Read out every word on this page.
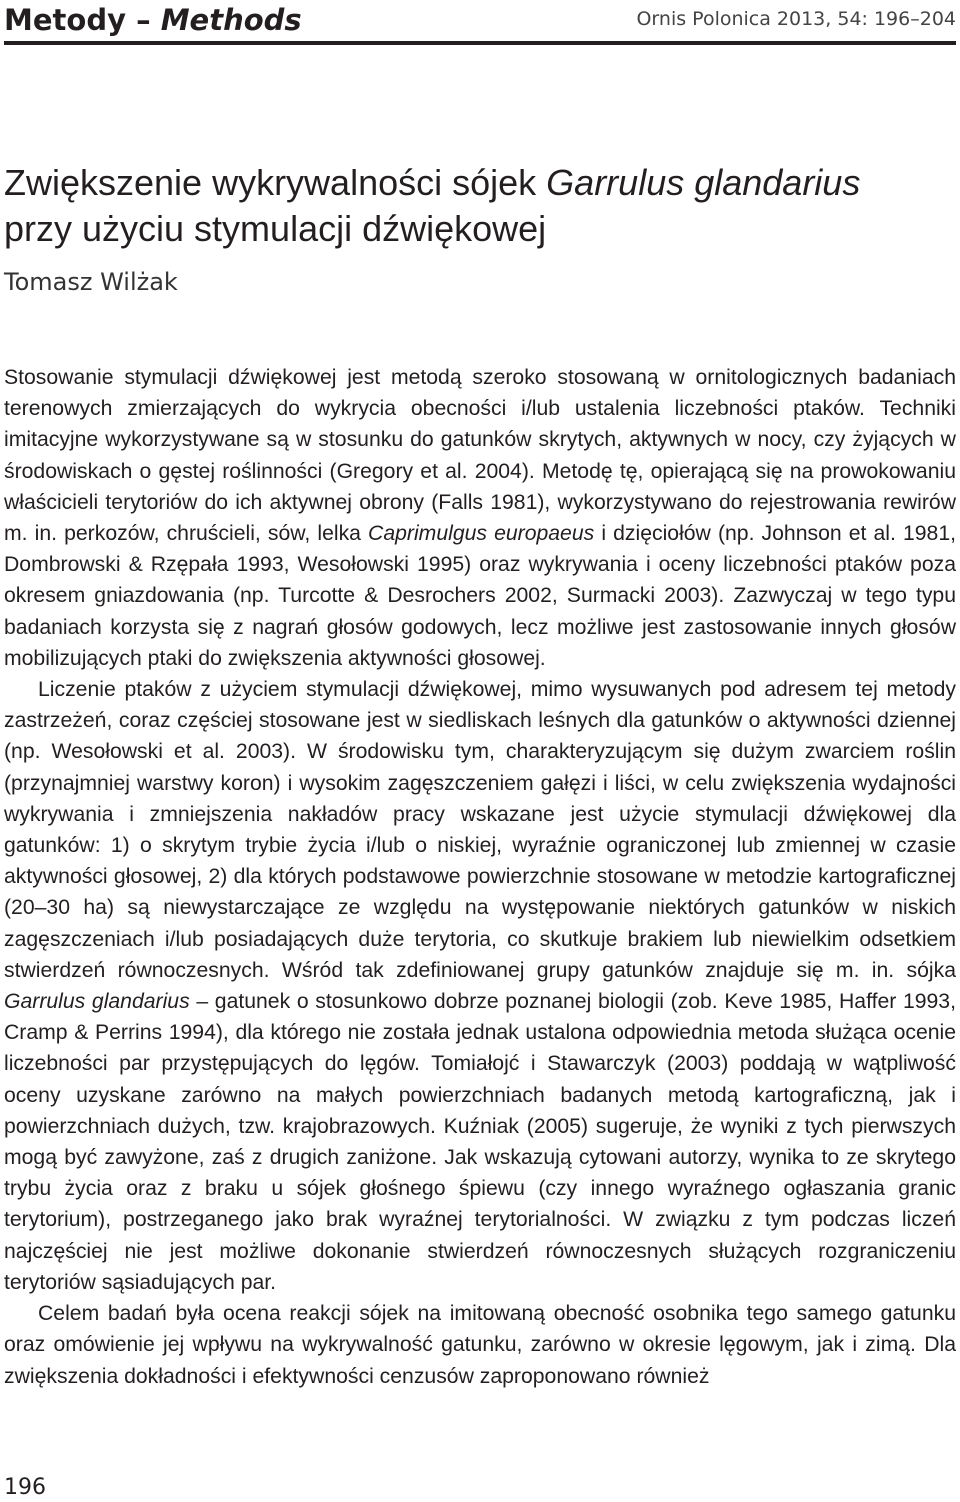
Metody – Methods	Ornis Polonica 2013, 54: 196–204
Zwiększenie wykrywalności sójek Garrulus glandarius
przy użyciu stymulacji dźwiękowej
Tomasz Wilżak

Stosowanie stymulacji dźwiękowej jest metodą szeroko stosowaną w ornitologicznych badaniach terenowych zmierzających do wykrycia obecności i/lub ustalenia liczebności ptaków. Techniki imitacyjne wykorzystywane są w stosunku do gatunków skrytych, aktywnych w nocy, czy żyjących w środowiskach o gęstej roślinności (Gregory et al. 2004). Metodę tę, opierającą się na prowokowaniu właścicieli terytoriów do ich aktywnej obrony (Falls 1981), wykorzystywano do rejestrowania rewirów m. in. perkozów, chruścieli, sów, lelka Caprimulgus europaeus i dzięciołów (np. Johnson et al. 1981, Dombrowski & Rzępała 1993, Wesołowski 1995) oraz wykrywania i oceny liczebności ptaków poza okresem gniazdowania (np. Turcotte & Desrochers 2002, Surmacki 2003). Zazwyczaj w tego typu badaniach korzysta się z nagrań głosów godowych, lecz możliwe jest zastosowanie innych głosów mobilizujących ptaki do zwiększenia aktywności głosowej.

Liczenie ptaków z użyciem stymulacji dźwiękowej, mimo wysuwanych pod adresem tej metody zastrzeżeń, coraz częściej stosowane jest w siedliskach leśnych dla gatunków o aktywności dziennej (np. Wesołowski et al. 2003). W środowisku tym, charakteryzującym się dużym zwarciem roślin (przynajmniej warstwy koron) i wysokim zagęszczeniem gałęzi i liści, w celu zwiększenia wydajności wykrywania i zmniejszenia nakładów pracy wskazane jest użycie stymulacji dźwiękowej dla gatunków: 1) o skrytym trybie życia i/lub o niskiej, wyraźnie ograniczonej lub zmiennej w czasie aktywności głosowej, 2) dla których podstawowe powierzchnie stosowane w metodzie kartograficznej (20–30 ha) są niewystarczające ze względu na występowanie niektórych gatunków w niskich zagęszczeniach i/lub posiadających duże terytoria, co skutkuje brakiem lub niewielkim odsetkiem stwierdzeń równoczesnych. Wśród tak zdefiniowanej grupy gatunków znajduje się m. in. sójka Garrulus glandarius – gatunek o stosunkowo dobrze poznanej biologii (zob. Keve 1985, Haffer 1993, Cramp & Perrins 1994), dla którego nie została jednak ustalona odpowiednia metoda służąca ocenie liczebności par przystępujących do lęgów. Tomiałojć i Stawarczyk (2003) poddają w wątpliwość oceny uzyskane zarówno na małych powierzchniach badanych metodą kartograficzną, jak i powierzchniach dużych, tzw. krajobrazowych. Kuźniak (2005) sugeruje, że wyniki z tych pierwszych mogą być zawyżone, zaś z drugich zaniżone. Jak wskazują cytowani autorzy, wynika to ze skrytego trybu życia oraz z braku u sójek głośnego śpiewu (czy innego wyraźnego ogłaszania granic terytorium), postrzeganego jako brak wyraźnej terytorialności. W związku z tym podczas liczeń najczęściej nie jest możliwe dokonanie stwierdzeń równoczesnych służących rozgraniczeniu terytoriów sąsiadujących par.

Celem badań była ocena reakcji sójek na imitowaną obecność osobnika tego samego gatunku oraz omówienie jej wpływu na wykrywalność gatunku, zarówno w okresie lęgowym, jak i zimą. Dla zwiększenia dokładności i efektywności cenzusów zaproponowano również

196
